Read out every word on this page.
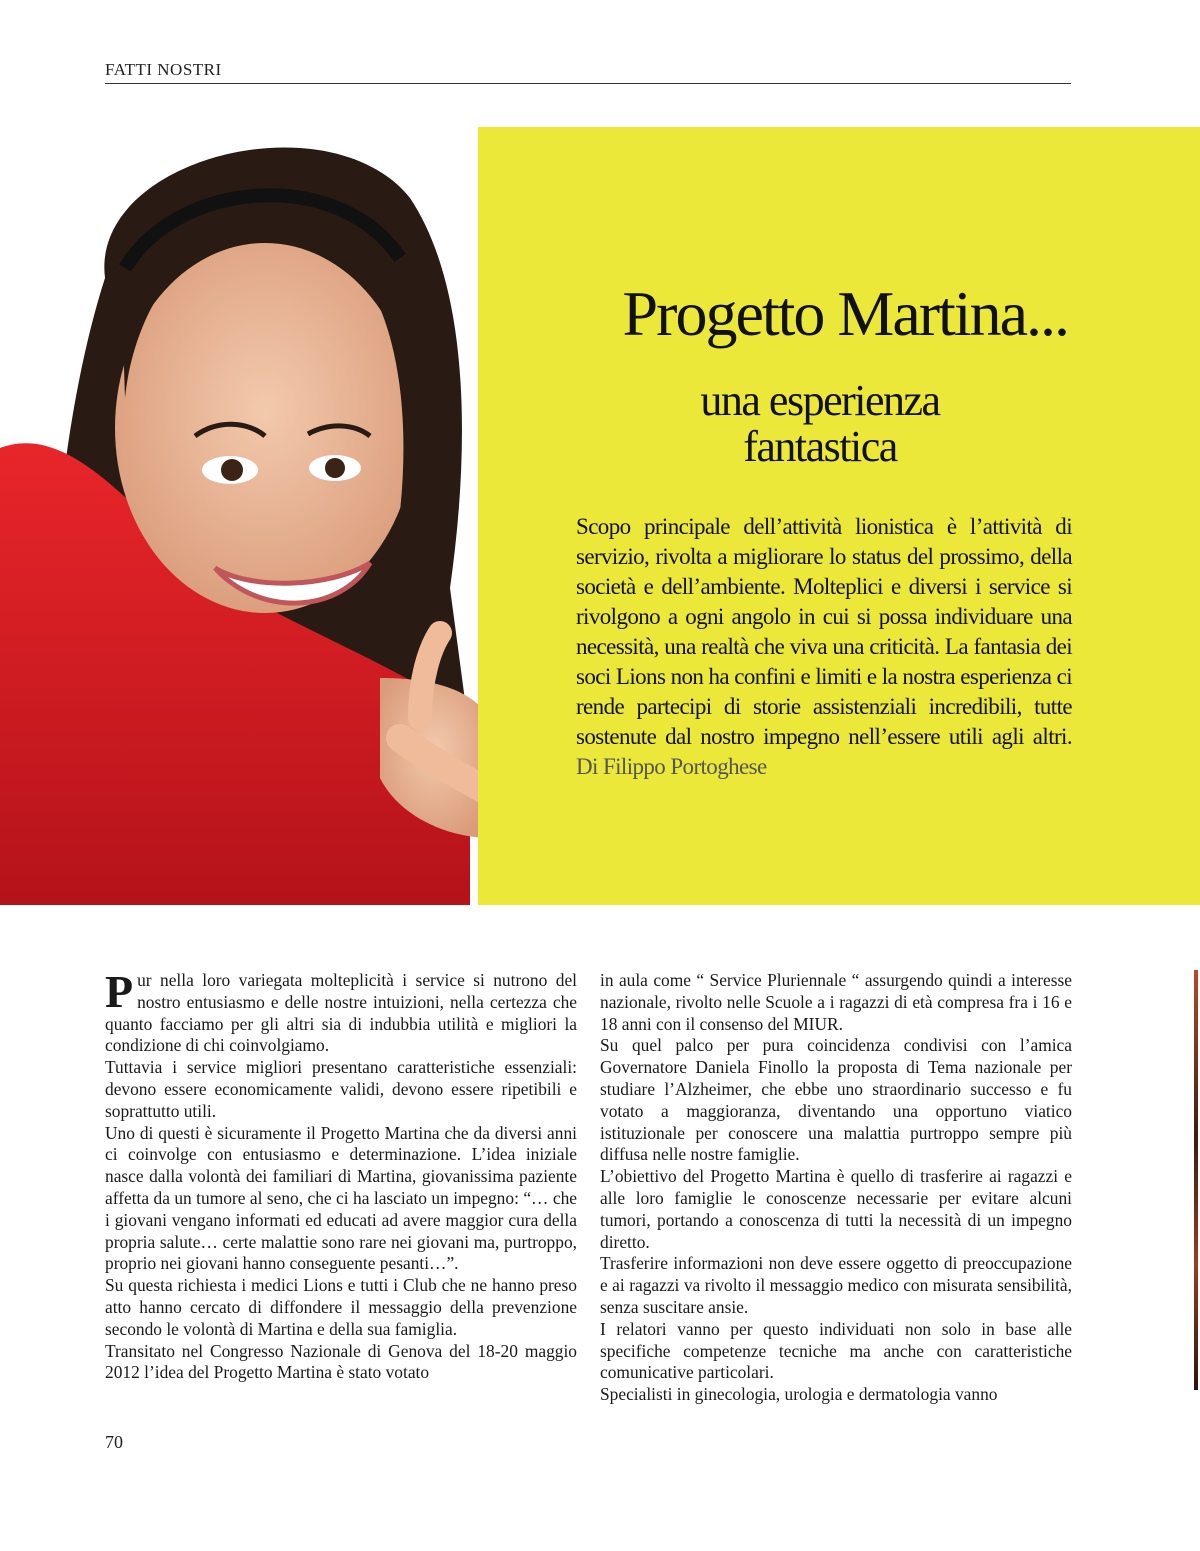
FATTI NOSTRI
Progetto Martina...
una esperienza
fantastica
Scopo principale dell’attività lionistica è l’attività di servizio, rivolta a migliorare lo status del prossimo, della società e dell’ambiente. Molteplici e diversi i service si rivolgono a ogni angolo in cui si possa individuare una necessità, una realtà che viva una criticità. La fantasia dei soci Lions non ha confini e limiti e la nostra esperienza ci rende partecipi di storie assistenziali incredibili, tutte sostenute dal nostro impegno nell’essere utili agli altri. Di Filippo Portoghese

Pur nella loro variegata molteplicità i service si nutrono del nostro entusiasmo e delle nostre intuizioni, nella certezza che quanto facciamo per gli altri sia di indubbia utilità e migliori la condizione di chi coinvolgiamo.

Tuttavia i service migliori presentano caratteristiche essenziali: devono essere economicamente validi, devono essere ripetibili e soprattutto utili.

Uno di questi è sicuramente il Progetto Martina che da diversi anni ci coinvolge con entusiasmo e determinazione. L’idea iniziale nasce dalla volontà dei familiari di Martina, giovanissima paziente affetta da un tumore al seno, che ci ha lasciato un impegno: “… che i giovani vengano informati ed educati ad avere maggior cura della propria salute… certe malattie sono rare nei giovani ma, purtroppo, proprio nei giovani hanno conseguente pesanti…”.

Su questa richiesta i medici Lions e tutti i Club che ne hanno preso atto hanno cercato di diffondere il messaggio della prevenzione secondo le volontà di Martina e della sua famiglia.

Transitato nel Congresso Nazionale di Genova del 18-20 maggio 2012 l’idea del Progetto Martina è stato votato

in aula come “ Service Pluriennale “ assurgendo quindi a interesse nazionale, rivolto nelle Scuole a i ragazzi di età compresa fra i 16 e 18 anni con il consenso del MIUR.

Su quel palco per pura coincidenza condivisi con l’amica Governatore Daniela Finollo la proposta di Tema nazionale per studiare l’Alzheimer, che ebbe uno straordinario successo e fu votato a maggioranza, diventando una opportuno viatico istituzionale per conoscere una malattia purtroppo sempre più diffusa nelle nostre famiglie.

L’obiettivo del Progetto Martina è quello di trasferire ai ragazzi e alle loro famiglie le conoscenze necessarie per evitare alcuni tumori, portando a conoscenza di tutti la necessità di un impegno diretto.

Trasferire informazioni non deve essere oggetto di preoccupazione e ai ragazzi va rivolto il messaggio medico con misurata sensibilità, senza suscitare ansie.

I relatori vanno per questo individuati non solo in base alle specifiche competenze tecniche ma anche con caratteristiche comunicative particolari.

Specialisti in ginecologia, urologia e dermatologia vanno

70
